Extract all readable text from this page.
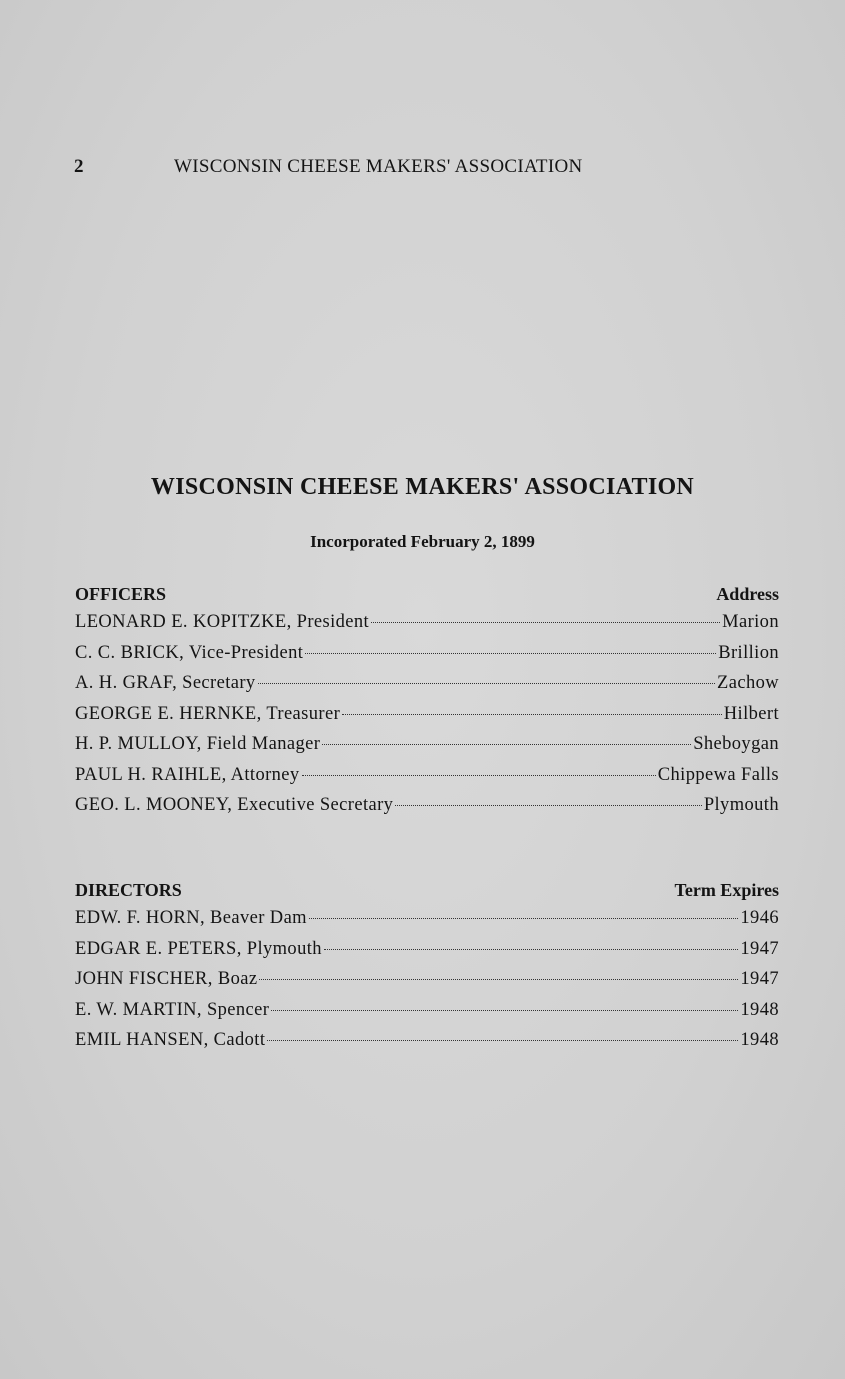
2	WISCONSIN CHEESE MAKERS' ASSOCIATION
WISCONSIN CHEESE MAKERS' ASSOCIATION
Incorporated February 2, 1899
OFFICERS	Address
LEONARD E. KOPITZKE, President	Marion
C. C. BRICK, Vice-President	Brillion
A. H. GRAF, Secretary	Zachow
GEORGE E. HERNKE, Treasurer	Hilbert
H. P. MULLOY, Field Manager	Sheboygan
PAUL H. RAIHLE, Attorney	Chippewa Falls
GEO. L. MOONEY, Executive Secretary	Plymouth
DIRECTORS	Term Expires
EDW. F. HORN, Beaver Dam	1946
EDGAR E. PETERS, Plymouth	1947
JOHN FISCHER, Boaz	1947
E. W. MARTIN, Spencer	1948
EMIL HANSEN, Cadott	1948
